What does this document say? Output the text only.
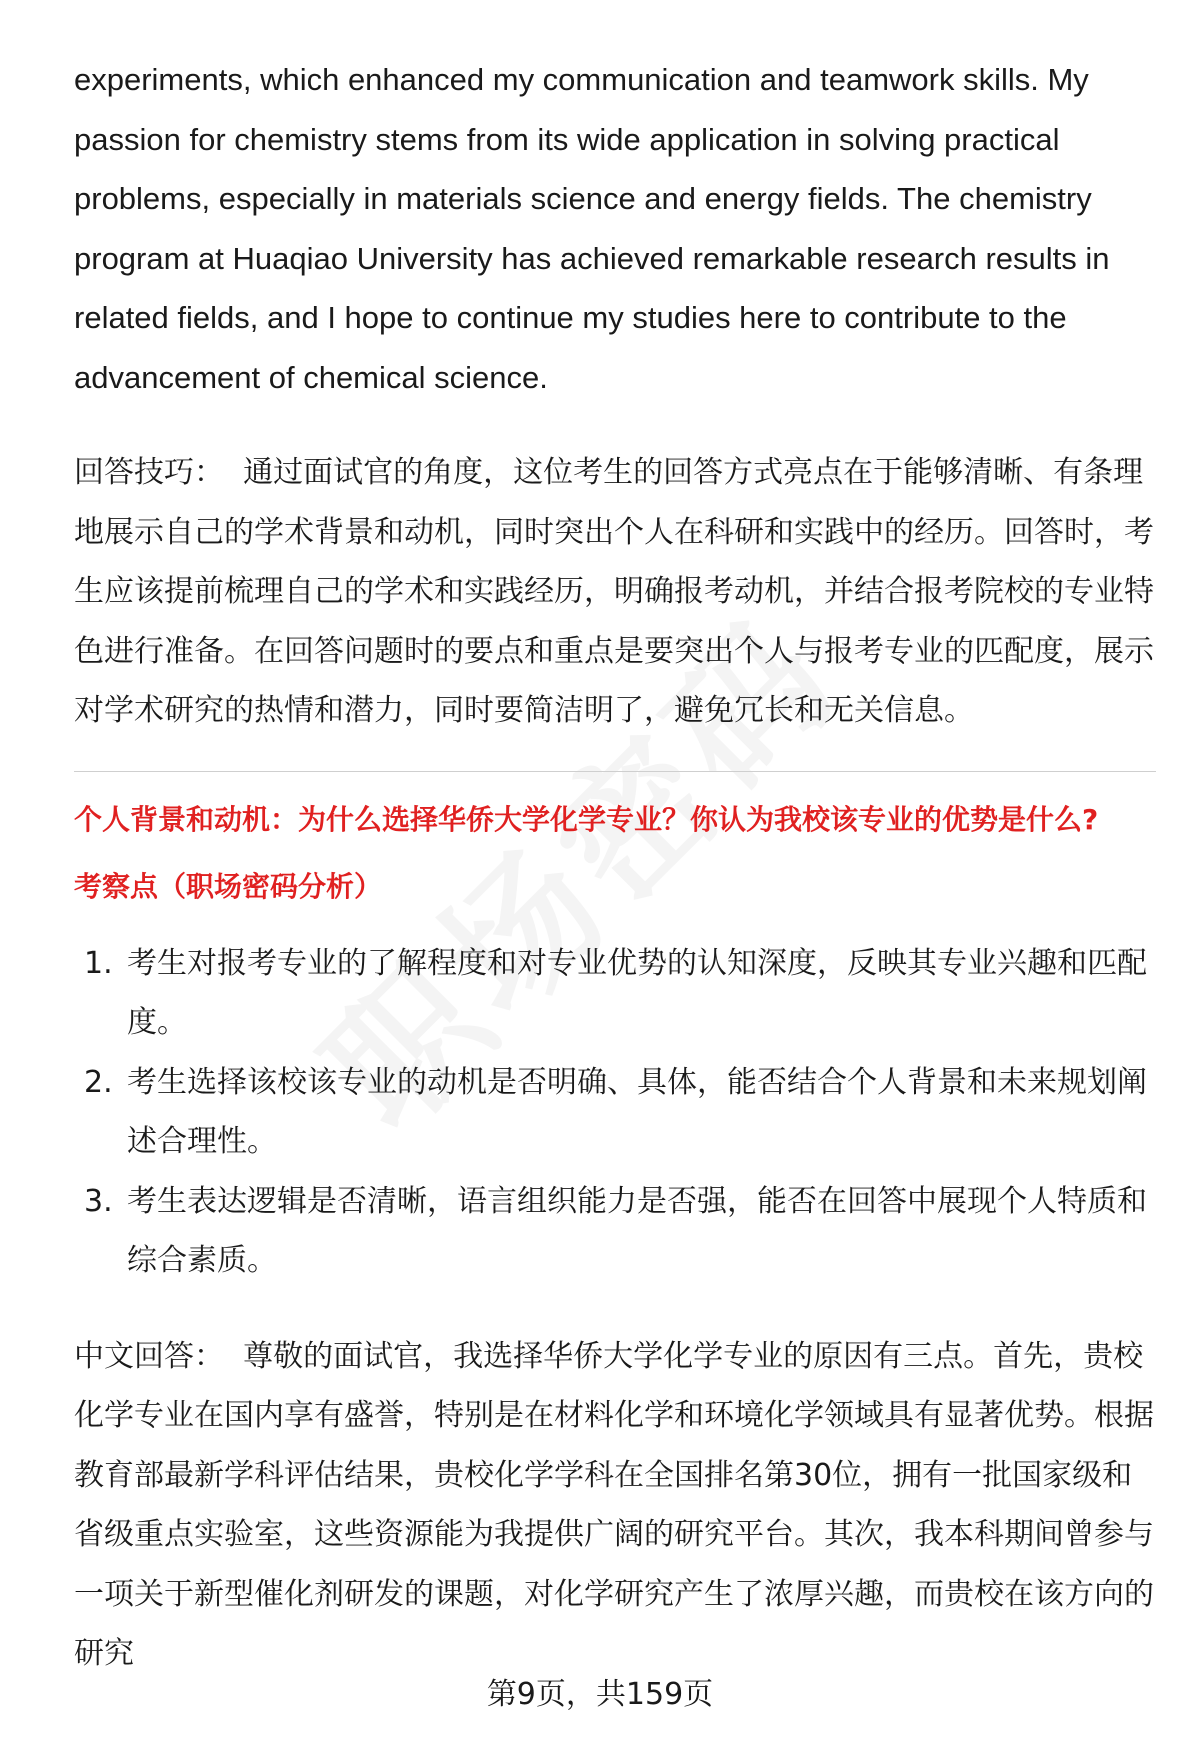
experiments, which enhanced my communication and teamwork skills. My passion for chemistry stems from its wide application in solving practical problems, especially in materials science and energy fields. The chemistry program at Huaqiao University has achieved remarkable research results in related fields, and I hope to continue my studies here to contribute to the advancement of chemical science.

回答技巧： 通过面试官的角度，这位考生的回答方式亮点在于能够清晰、有条理地展示自己的学术背景和动机，同时突出个人在科研和实践中的经历。回答时，考生应该提前梳理自己的学术和实践经历，明确报考动机，并结合报考院校的专业特色进行准备。在回答问题时的要点和重点是要突出个人与报考专业的匹配度，展示对学术研究的热情和潜力，同时要简洁明了，避免冗长和无关信息。

个人背景和动机：为什么选择华侨大学化学专业？你认为我校该专业的优势是什么?

考察点（职场密码分析）

1. 考生对报考专业的了解程度和对专业优势的认知深度，反映其专业兴趣和匹配度。
2. 考生选择该校该专业的动机是否明确、具体，能否结合个人背景和未来规划阐述合理性。
3. 考生表达逻辑是否清晰，语言组织能力是否强，能否在回答中展现个人特质和综合素质。

中文回答： 尊敬的面试官，我选择华侨大学化学专业的原因有三点。首先，贵校化学专业在国内享有盛誉，特别是在材料化学和环境化学领域具有显著优势。根据教育部最新学科评估结果，贵校化学学科在全国排名第30位，拥有一批国家级和省级重点实验室，这些资源能为我提供广阔的研究平台。其次，我本科期间曾参与一项关于新型催化剂研发的课题，对化学研究产生了浓厚兴趣，而贵校在该方向的研究

第9页，共159页
